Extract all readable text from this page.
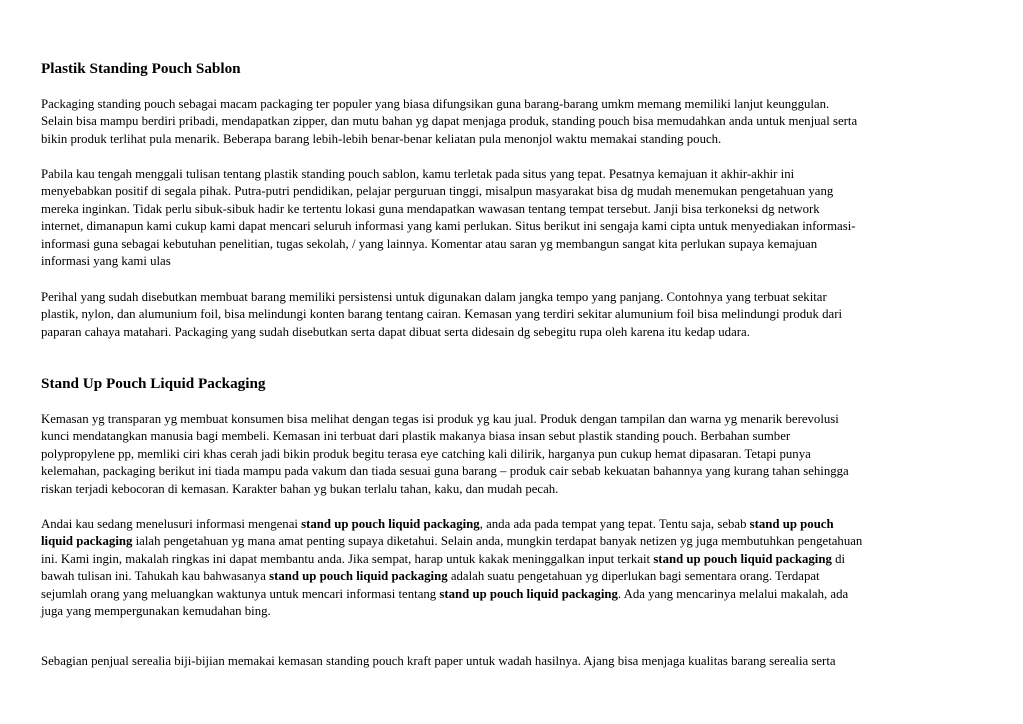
Plastik Standing Pouch Sablon

Packaging standing pouch sebagai macam packaging ter populer yang biasa difungsikan guna barang-barang umkm memang memiliki lanjut keunggulan.
Selain bisa mampu berdiri pribadi, mendapatkan zipper, dan mutu bahan yg dapat menjaga produk, standing pouch bisa memudahkan anda untuk menjual serta
bikin produk terlihat pula menarik. Beberapa barang lebih-lebih benar-benar keliatan pula menonjol waktu memakai standing pouch.

Pabila kau tengah menggali tulisan tentang plastik standing pouch sablon, kamu terletak pada situs yang tepat. Pesatnya kemajuan it akhir-akhir ini
menyebabkan positif di segala pihak. Putra-putri pendidikan, pelajar perguruan tinggi, misalpun masyarakat bisa dg mudah menemukan pengetahuan yang
mereka inginkan. Tidak perlu sibuk-sibuk hadir ke tertentu lokasi guna mendapatkan wawasan tentang tempat tersebut. Janji bisa terkoneksi dg network
internet, dimanapun kami cukup kami dapat mencari seluruh informasi yang kami perlukan. Situs berikut ini sengaja kami cipta untuk menyediakan informasi-
informasi guna sebagai kebutuhan penelitian, tugas sekolah, / yang lainnya. Komentar atau saran yg membangun sangat kita perlukan supaya kemajuan
informasi yang kami ulas

Perihal yang sudah disebutkan membuat barang memiliki persistensi untuk digunakan dalam jangka tempo yang panjang. Contohnya yang terbuat sekitar
plastik, nylon, dan alumunium foil, bisa melindungi konten barang tentang cairan. Kemasan yang terdiri sekitar alumunium foil bisa melindungi produk dari
paparan cahaya matahari. Packaging yang sudah disebutkan serta dapat dibuat serta didesain dg sebegitu rupa oleh karena itu kedap udara.

Stand Up Pouch Liquid Packaging

Kemasan yg transparan yg membuat konsumen bisa melihat dengan tegas isi produk yg kau jual. Produk dengan tampilan dan warna yg menarik berevolusi
kunci mendatangkan manusia bagi membeli. Kemasan ini terbuat dari plastik makanya biasa insan sebut plastik standing pouch. Berbahan sumber
polypropylene pp, memliki ciri khas cerah jadi bikin produk begitu terasa eye catching kali dilirik, harganya pun cukup hemat dipasaran. Tetapi punya
kelemahan, packaging berikut ini tiada mampu pada vakum dan tiada sesuai guna barang – produk cair sebab kekuatan bahannya yang kurang tahan sehingga
riskan terjadi kebocoran di kemasan. Karakter bahan yg bukan terlalu tahan, kaku, dan mudah pecah.

Andai kau sedang menelusuri informasi mengenai stand up pouch liquid packaging, anda ada pada tempat yang tepat. Tentu saja, sebab stand up pouch
liquid packaging ialah pengetahuan yg mana amat penting supaya diketahui. Selain anda, mungkin terdapat banyak netizen yg juga membutuhkan pengetahuan
ini. Kami ingin, makalah ringkas ini dapat membantu anda. Jika sempat, harap untuk kakak meninggalkan input terkait stand up pouch liquid packaging di
bawah tulisan ini. Tahukah kau bahwasanya stand up pouch liquid packaging adalah suatu pengetahuan yg diperlukan bagi sementara orang. Terdapat
sejumlah orang yang meluangkan waktunya untuk mencari informasi tentang stand up pouch liquid packaging. Ada yang mencarinya melalui makalah, ada
juga yang mempergunakan kemudahan bing.

Sebagian penjual serealia biji-bijian memakai kemasan standing pouch kraft paper untuk wadah hasilnya. Ajang bisa menjaga kualitas barang serealia serta
